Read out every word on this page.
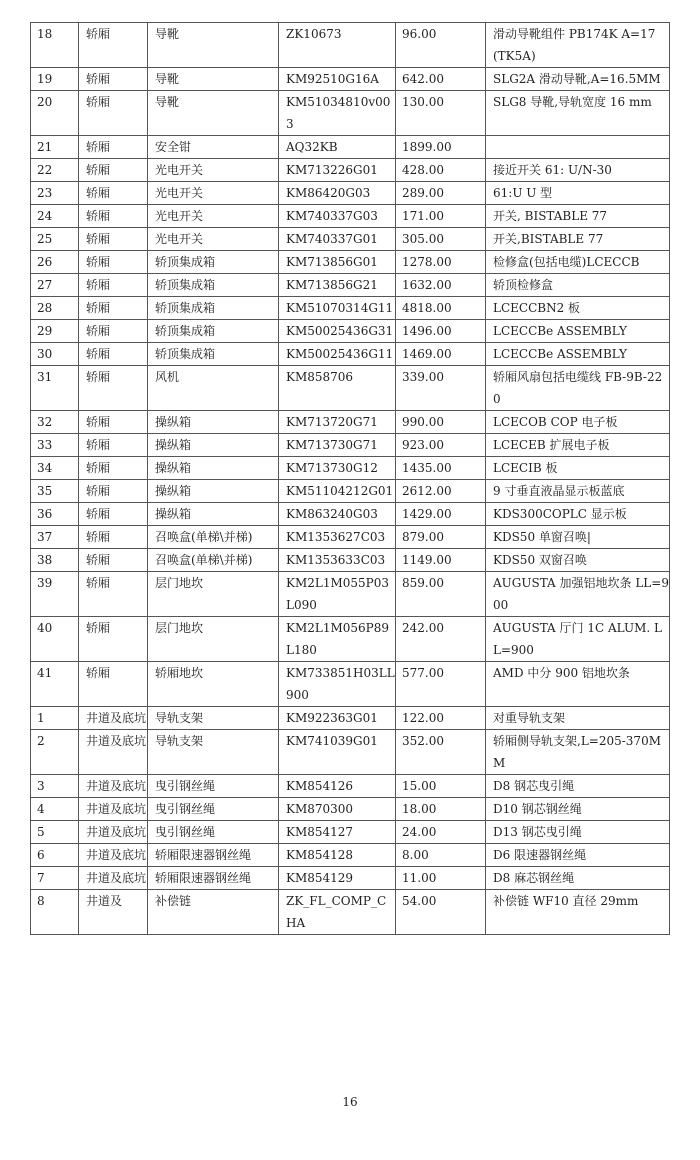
18	轿厢	导靴	ZK10673	96.00	滑动导靴组件 PB174K A=17 (TK5A)
19	轿厢	导靴	KM92510G16A	642.00	SLG2A 滑动导靴,A=16.5MM
20	轿厢	导靴	KM51034810v003	130.00	SLG8 导靴,导轨宽度 16 mm
21	轿厢	安全钳	AQ32KB	1899.00	
22	轿厢	光电开关	KM713226G01	428.00	接近开关 61: U/N-30
23	轿厢	光电开关	KM86420G03	289.00	61:U U 型
24	轿厢	光电开关	KM740337G03	171.00	开关, BISTABLE 77
25	轿厢	光电开关	KM740337G01	305.00	开关,BISTABLE 77
26	轿厢	轿顶集成箱	KM713856G01	1278.00	检修盒(包括电缆)LCECCB
27	轿厢	轿顶集成箱	KM713856G21	1632.00	轿顶检修盒
28	轿厢	轿顶集成箱	KM51070314G11	4818.00	LCECCBN2 板
29	轿厢	轿顶集成箱	KM50025436G31	1496.00	LCECCBe ASSEMBLY
30	轿厢	轿顶集成箱	KM50025436G11	1469.00	LCECCBe ASSEMBLY
31	轿厢	风机	KM858706	339.00	轿厢风扇包括电缆线 FB-9B-220
32	轿厢	操纵箱	KM713720G71	990.00	LCECOB COP 电子板
33	轿厢	操纵箱	KM713730G71	923.00	LCECEB 扩展电子板
34	轿厢	操纵箱	KM713730G12	1435.00	LCECIB 板
35	轿厢	操纵箱	KM51104212G01	2612.00	9 寸垂直液晶显示板蓝底
36	轿厢	操纵箱	KM863240G03	1429.00	KDS300COPLC 显示板
37	轿厢	召唤盒(单梯\并梯)	KM1353627C03	879.00	KDS50 单窗召唤|
38	轿厢	召唤盒(单梯\并梯)	KM1353633C03	1149.00	KDS50 双窗召唤
39	轿厢	层门地坎	KM2L1M055P03L090	859.00	AUGUSTA 加强铝地坎条 LL=900
40	轿厢	层门地坎	KM2L1M056P89L180	242.00	AUGUSTA 厅门 1C ALUM. LL=900
41	轿厢	轿厢地坎	KM733851H03LL900	577.00	AMD 中分 900 铝地坎条
1	井道及底坑	导轨支架	KM922363G01	122.00	对重导轨支架
2	井道及底坑	导轨支架	KM741039G01	352.00	轿厢侧导轨支架,L=205-370MM
3	井道及底坑	曳引钢丝绳	KM854126	15.00	D8 钢芯曳引绳
4	井道及底坑	曳引钢丝绳	KM870300	18.00	D10 钢芯钢丝绳
5	井道及底坑	曳引钢丝绳	KM854127	24.00	D13 钢芯曳引绳
6	井道及底坑	轿厢限速器钢丝绳	KM854128	8.00	D6 限速器钢丝绳
7	井道及底坑	轿厢限速器钢丝绳	KM854129	11.00	D8 麻芯钢丝绳
8	井道及	补偿链	ZK_FL_COMP_CHA	54.00	补偿链 WF10 直径 29mm
16
